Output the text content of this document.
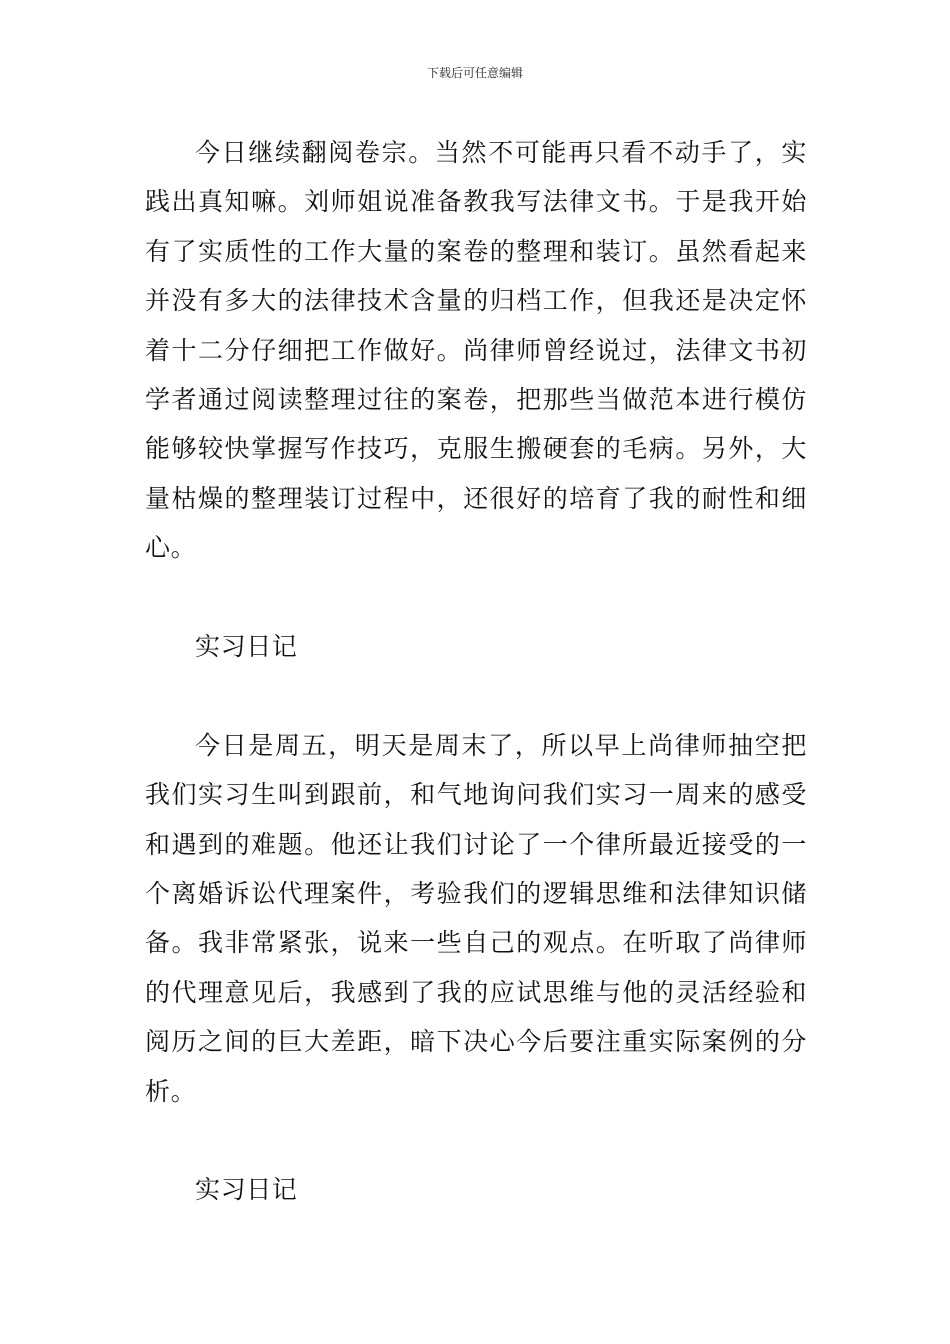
下载后可任意编辑

今日继续翻阅卷宗。当然不可能再只看不动手了，实践出真知嘛。刘师姐说准备教我写法律文书。于是我开始有了实质性的工作大量的案卷的整理和装订。虽然看起来并没有多大的法律技术含量的归档工作，但我还是决定怀着十二分仔细把工作做好。尚律师曾经说过，法律文书初学者通过阅读整理过往的案卷，把那些当做范本进行模仿能够较快掌握写作技巧，克服生搬硬套的毛病。另外，大量枯燥的整理装订过程中，还很好的培育了我的耐性和细心。

实习日记

今日是周五，明天是周末了，所以早上尚律师抽空把我们实习生叫到跟前，和气地询问我们实习一周来的感受和遇到的难题。他还让我们讨论了一个律所最近接受的一个离婚诉讼代理案件，考验我们的逻辑思维和法律知识储备。我非常紧张，说来一些自己的观点。在听取了尚律师的代理意见后，我感到了我的应试思维与他的灵活经验和阅历之间的巨大差距，暗下决心今后要注重实际案例的分析。

实习日记
